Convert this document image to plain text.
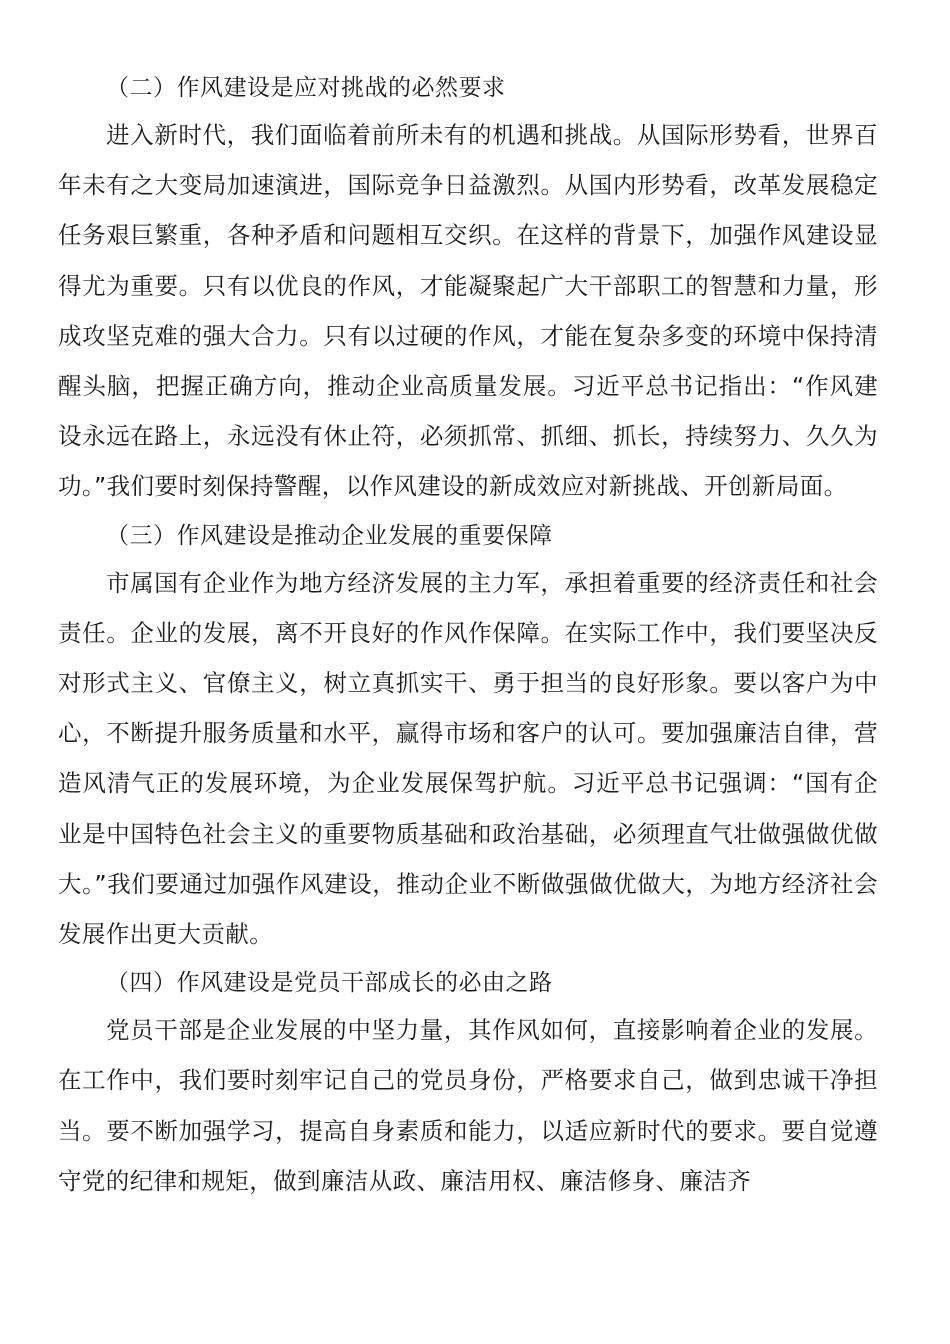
（二）作风建设是应对挑战的必然要求

进入新时代，我们面临着前所未有的机遇和挑战。从国际形势看，世界百年未有之大变局加速演进，国际竞争日益激烈。从国内形势看，改革发展稳定任务艰巨繁重，各种矛盾和问题相互交织。在这样的背景下，加强作风建设显得尤为重要。只有以优良的作风，才能凝聚起广大干部职工的智慧和力量，形成攻坚克难的强大合力。只有以过硬的作风，才能在复杂多变的环境中保持清醒头脑，把握正确方向，推动企业高质量发展。习近平总书记指出：“作风建设永远在路上，永远没有休止符，必须抓常、抓细、抓长，持续努力、久久为功。”我们要时刻保持警醒，以作风建设的新成效应对新挑战、开创新局面。

（三）作风建设是推动企业发展的重要保障

市属国有企业作为地方经济发展的主力军，承担着重要的经济责任和社会责任。企业的发展，离不开良好的作风作保障。在实际工作中，我们要坚决反对形式主义、官僚主义，树立真抓实干、勇于担当的良好形象。要以客户为中心，不断提升服务质量和水平，赢得市场和客户的认可。要加强廉洁自律，营造风清气正的发展环境，为企业发展保驾护航。习近平总书记强调：“国有企业是中国特色社会主义的重要物质基础和政治基础，必须理直气壮做强做优做大。”我们要通过加强作风建设，推动企业不断做强做优做大，为地方经济社会发展作出更大贡献。

（四）作风建设是党员干部成长的必由之路

党员干部是企业发展的中坚力量，其作风如何，直接影响着企业的发展。在工作中，我们要时刻牢记自己的党员身份，严格要求自己，做到忠诚干净担当。要不断加强学习，提高自身素质和能力，以适应新时代的要求。要自觉遵守党的纪律和规矩，做到廉洁从政、廉洁用权、廉洁修身、廉洁齐
